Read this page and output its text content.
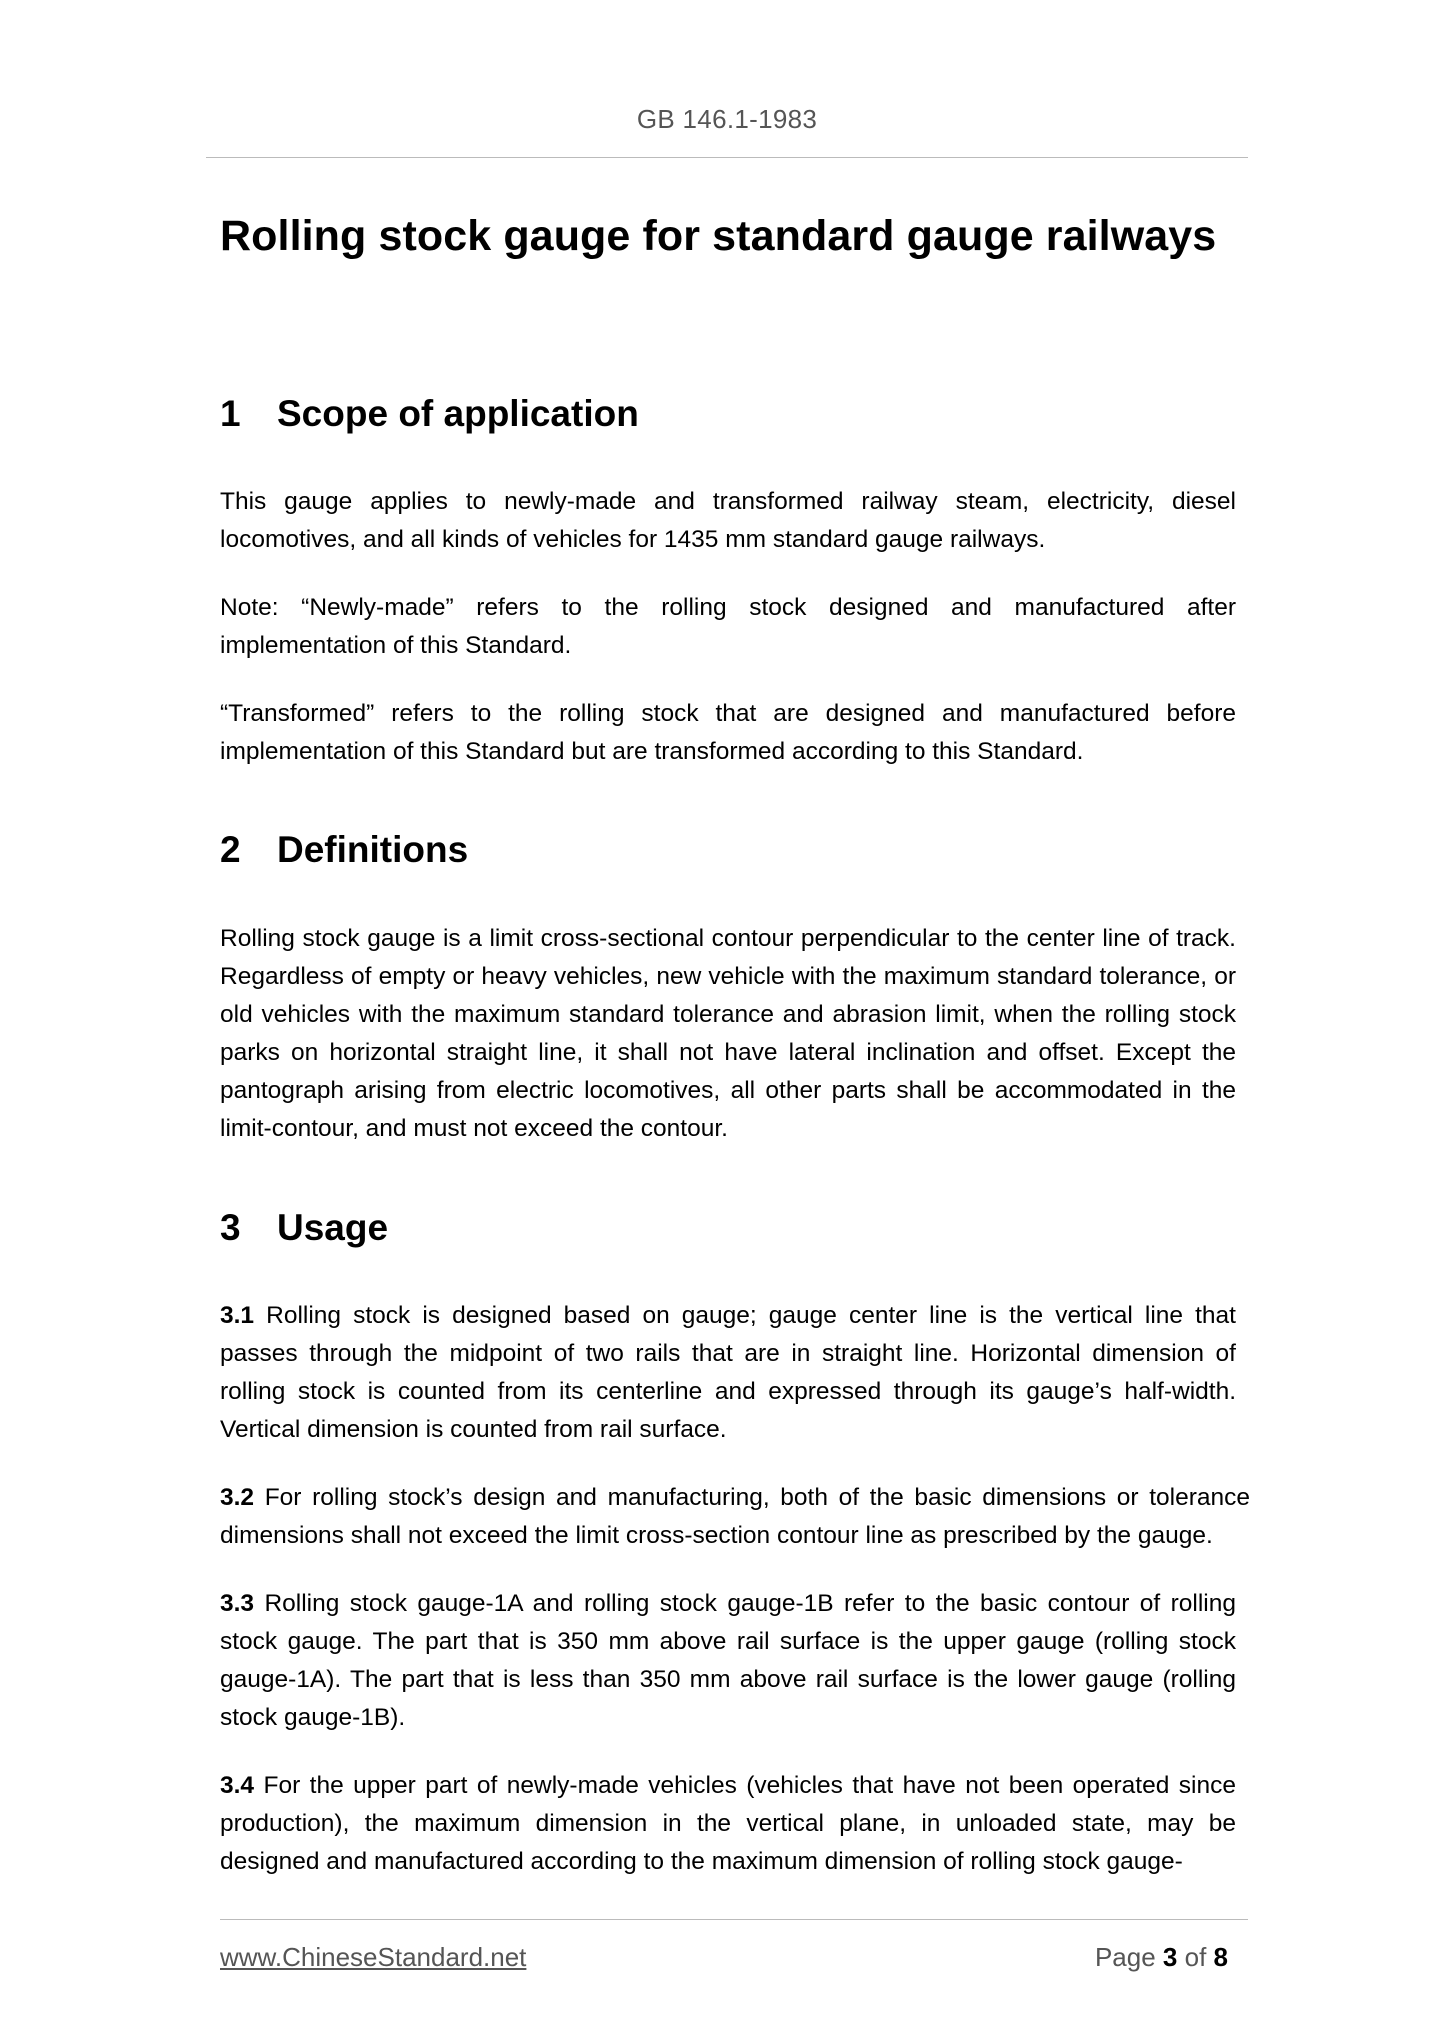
GB 146.1-1983
Rolling stock gauge for standard gauge railways
1 Scope of application

This gauge applies to newly-made and transformed railway steam, electricity, diesel locomotives, and all kinds of vehicles for 1435 mm standard gauge railways.

Note: “Newly-made” refers to the rolling stock designed and manufactured after implementation of this Standard.

“Transformed” refers to the rolling stock that are designed and manufactured before implementation of this Standard but are transformed according to this Standard.

2 Definitions

Rolling stock gauge is a limit cross-sectional contour perpendicular to the center line of track. Regardless of empty or heavy vehicles, new vehicle with the maximum standard tolerance, or old vehicles with the maximum standard tolerance and abrasion limit, when the rolling stock parks on horizontal straight line, it shall not have lateral inclination and offset. Except the pantograph arising from electric locomotives, all other parts shall be accommodated in the limit-contour, and must not exceed the contour.

3 Usage

3.1 Rolling stock is designed based on gauge; gauge center line is the vertical line that passes through the midpoint of two rails that are in straight line. Horizontal dimension of rolling stock is counted from its centerline and expressed through its gauge’s half-width. Vertical dimension is counted from rail surface.

3.2 For rolling stock’s design and manufacturing, both of the basic dimensions or tolerance dimensions shall not exceed the limit cross-section contour line as prescribed by the gauge.

3.3 Rolling stock gauge-1A and rolling stock gauge-1B refer to the basic contour of rolling stock gauge. The part that is 350 mm above rail surface is the upper gauge (rolling stock gauge-1A). The part that is less than 350 mm above rail surface is the lower gauge (rolling stock gauge-1B).

3.4 For the upper part of newly-made vehicles (vehicles that have not been operated since production), the maximum dimension in the vertical plane, in unloaded state, may be designed and manufactured according to the maximum dimension of rolling stock gauge-

www.ChineseStandard.net	Page 3 of 8
